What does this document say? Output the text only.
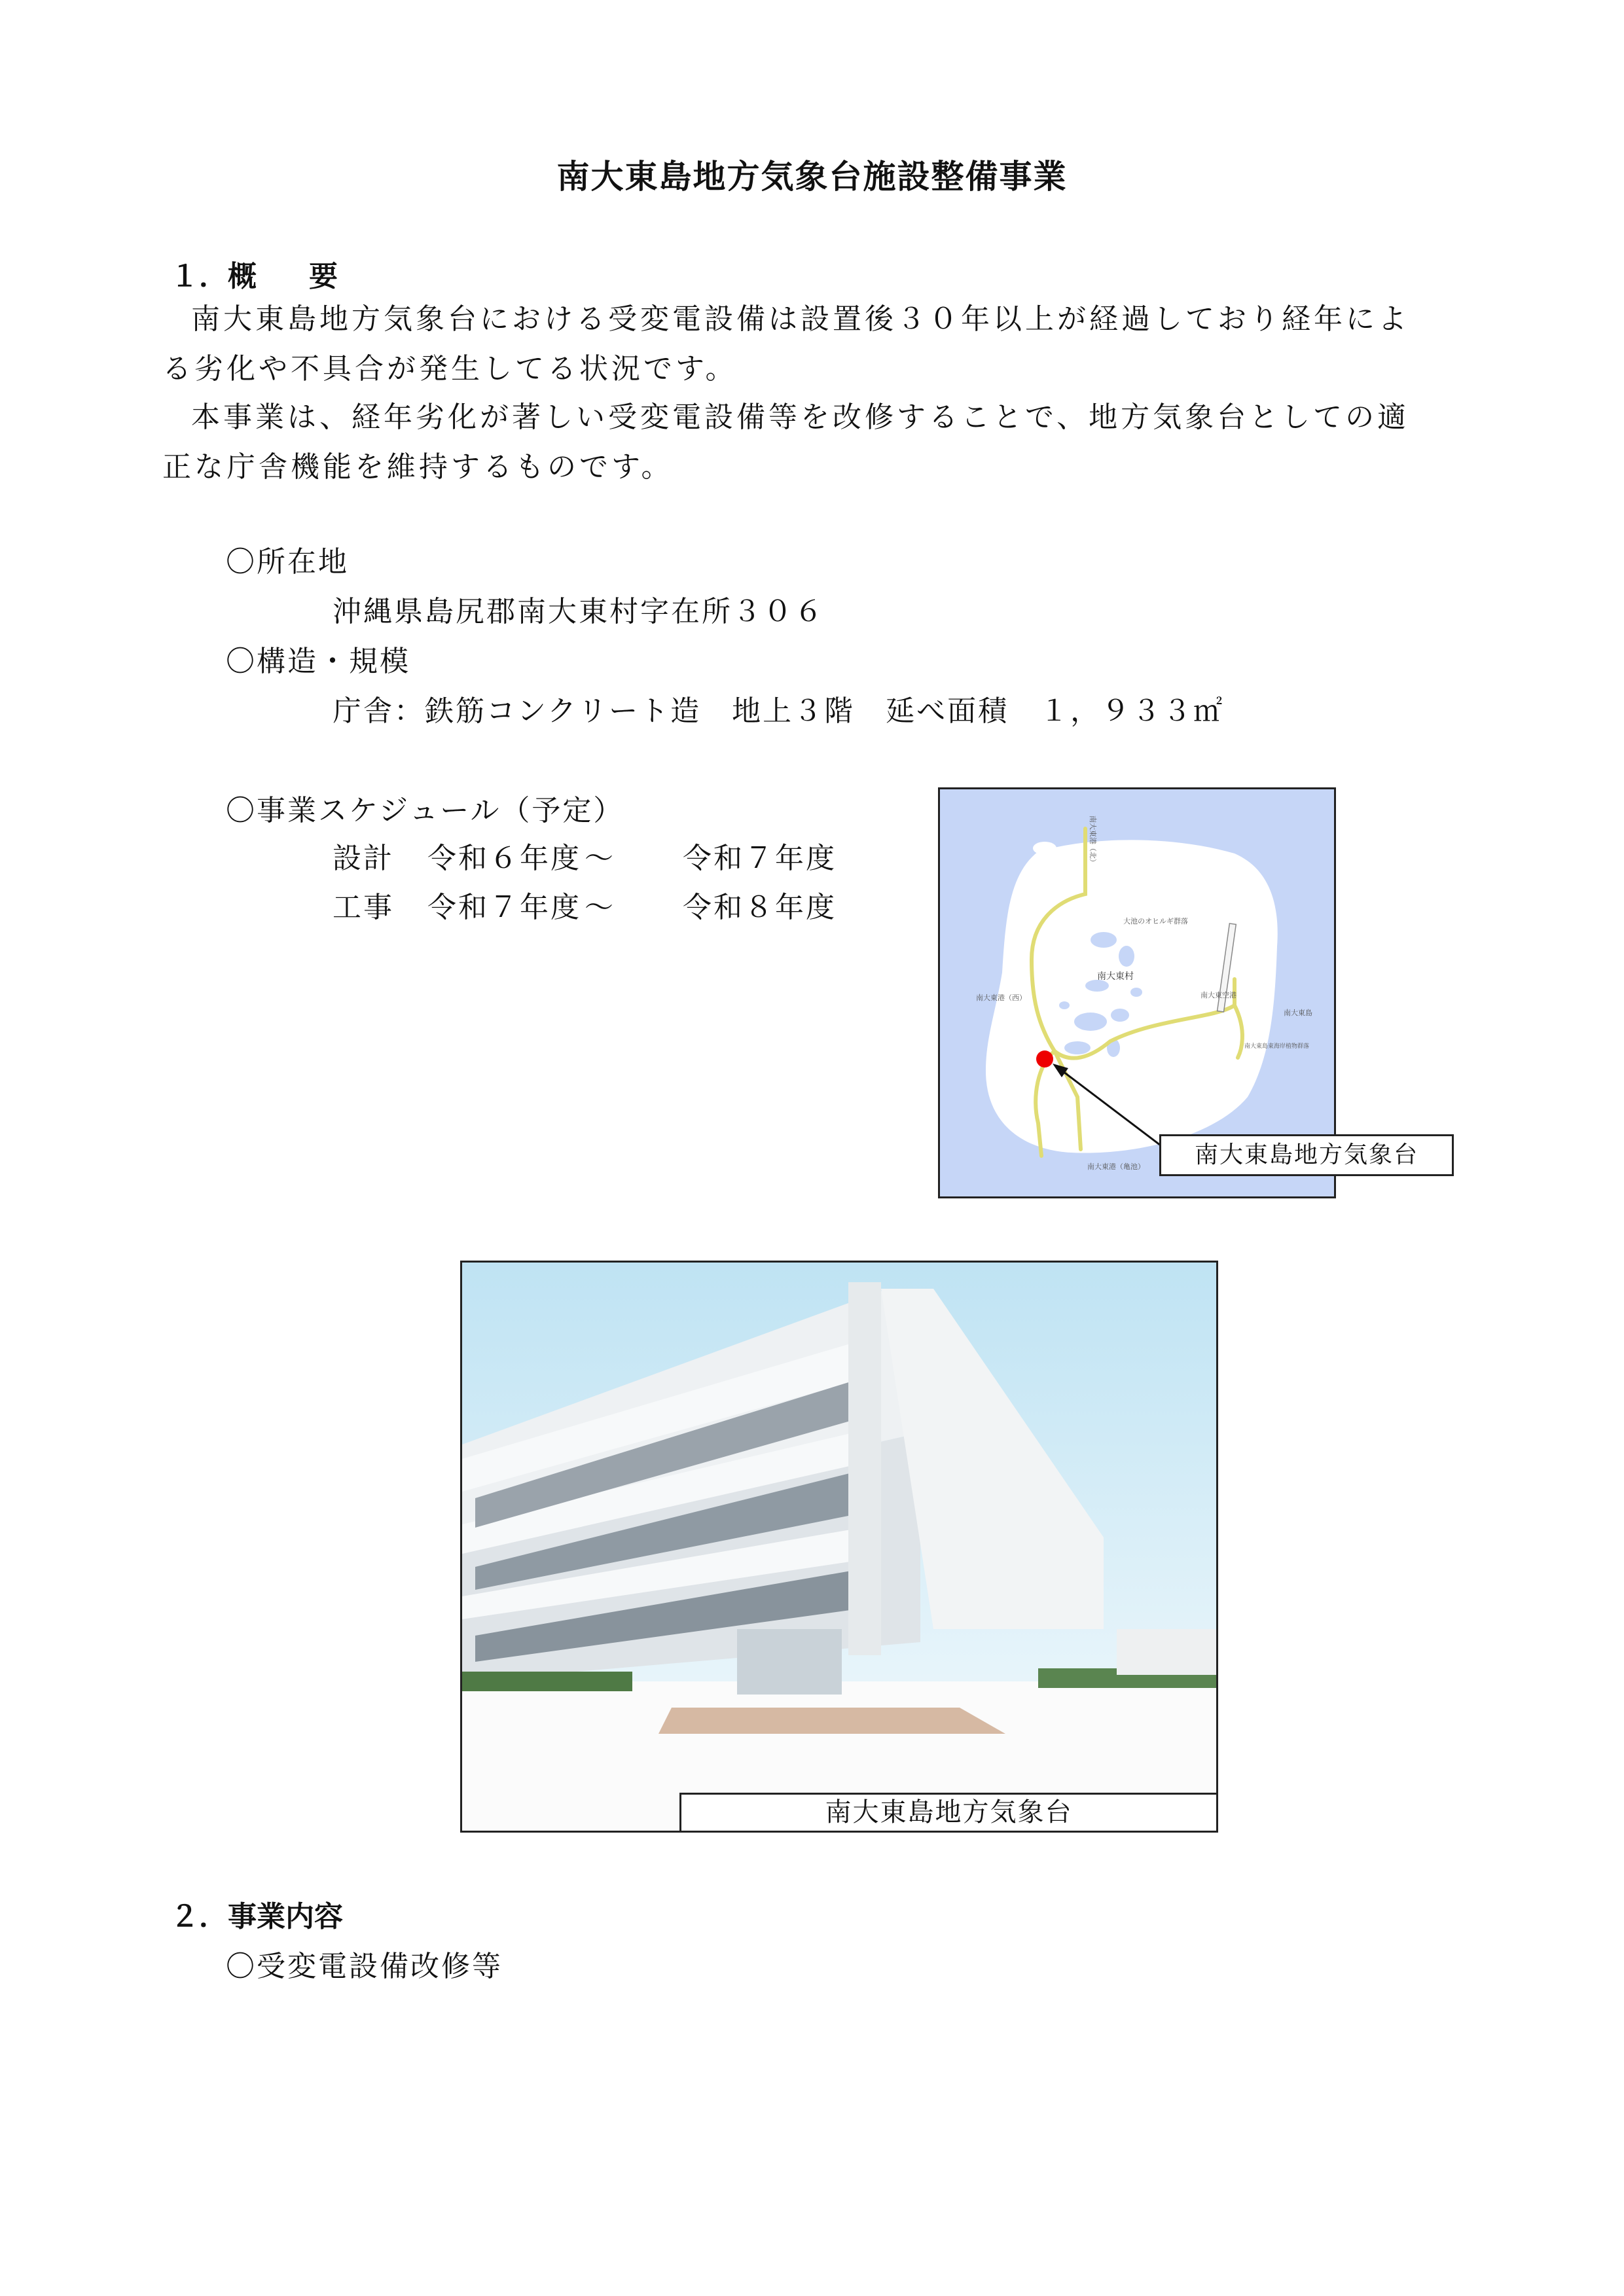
南大東島地方気象台施設整備事業
１．概　要

南大東島地方気象台における受変電設備は設置後３０年以上が経過しており経年によ

る劣化や不具合が発生してる状況です。

本事業は、経年劣化が著しい受変電設備等を改修することで、地方気象台としての適

正な庁舎機能を維持するものです。
〇所在地
沖縄県島尻郡南大東村字在所３０６
〇構造・規模
庁舎：鉄筋コンクリート造　地上３階　延べ面積　１，９３３㎡
〇事業スケジュール（予定）
設計	令和６年度 ～	令和７年度
工事	令和７年度 ～	令和８年度
南大東港（北）
大池のオヒルギ群落
南大東村
南大東空港
南大東港（西）
南大東島
南大東島東海岸植物群落
南大東港（亀池）	南大東島地方気象台
南大東島地方気象台
２．事業内容
〇受変電設備改修等
